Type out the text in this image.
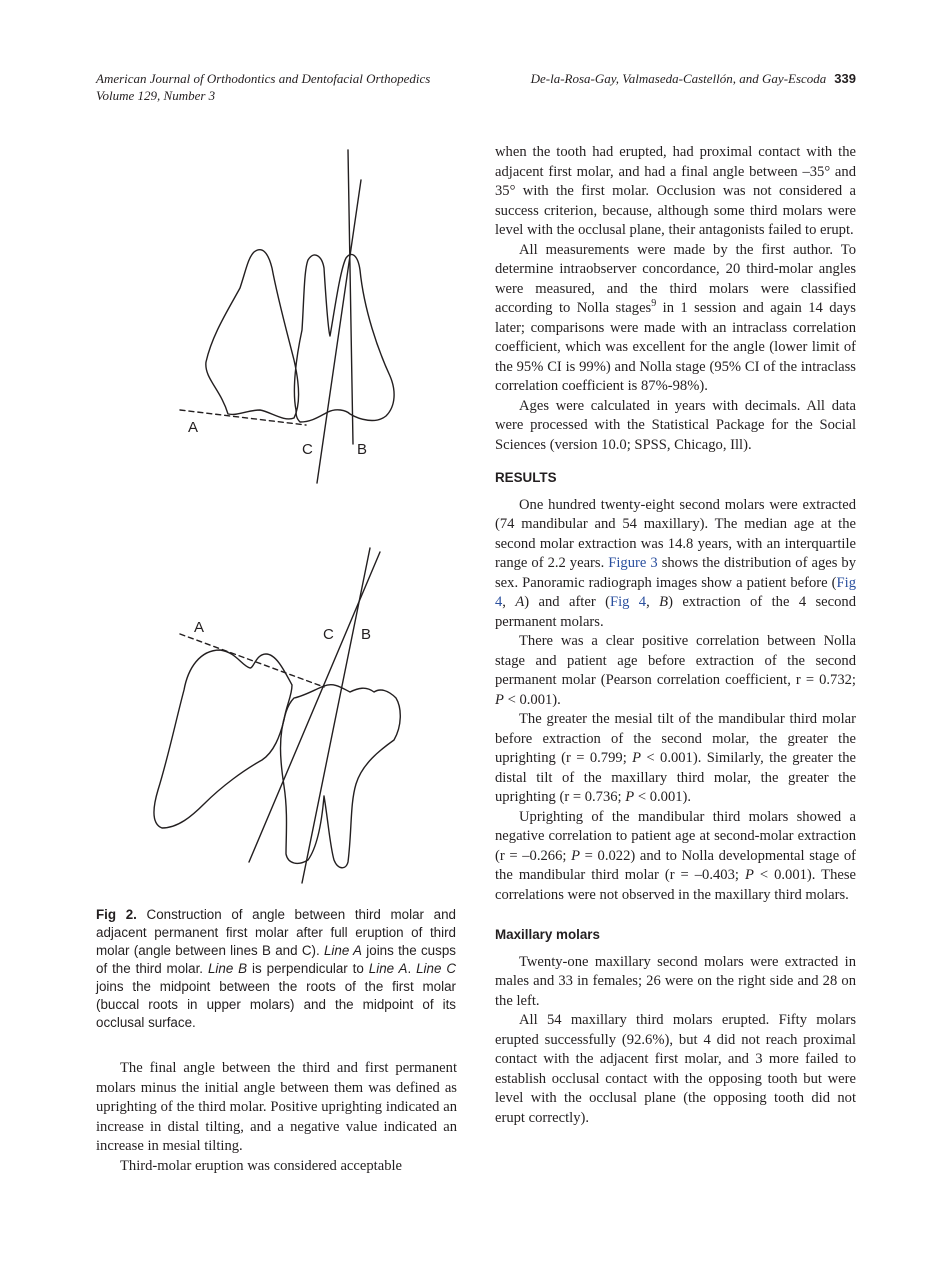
American Journal of Orthodontics and Dentofacial Orthopedics
Volume 129, Number 3
De-la-Rosa-Gay, Valmaseda-Castellón, and Gay-Escoda 339
A
C	B
A	C B
Fig 2. Construction of angle between third molar and adjacent permanent first molar after full eruption of third molar (angle between lines B and C). Line A joins the cusps of the third molar. Line B is perpendicular to Line A. Line C joins the midpoint between the roots of the first molar (buccal roots in upper molars) and the midpoint of its occlusal surface.

The final angle between the third and first permanent molars minus the initial angle between them was defined as uprighting of the third molar. Positive uprighting indicated an increase in distal tilting, and a negative value indicated an increase in mesial tilting.

Third-molar eruption was considered acceptable

when the tooth had erupted, had proximal contact with the adjacent first molar, and had a final angle between –35° and 35° with the first molar. Occlusion was not considered a success criterion, because, although some third molars were level with the occlusal plane, their antagonists failed to erupt.

All measurements were made by the first author. To determine intraobserver concordance, 20 third-molar angles were measured, and the third molars were classified according to Nolla stages$^9$ in 1 session and again 14 days later; comparisons were made with an intraclass correlation coefficient, which was excellent for the angle (lower limit of the 95% CI is 99%) and Nolla stage (95% CI of the intraclass correlation coefficient is 87%-98%).

Ages were calculated in years with decimals. All data were processed with the Statistical Package for the Social Sciences (version 10.0; SPSS, Chicago, Ill).

RESULTS

One hundred twenty-eight second molars were extracted (74 mandibular and 54 maxillary). The median age at the second molar extraction was 14.8 years, with an interquartile range of 2.2 years. Figure 3 shows the distribution of ages by sex. Panoramic radiograph images show a patient before (Fig 4, A) and after (Fig 4, B) extraction of the 4 second permanent molars.

There was a clear positive correlation between Nolla stage and patient age before extraction of the second permanent molar (Pearson correlation coefficient, r = 0.732; P < 0.001).

The greater the mesial tilt of the mandibular third molar before extraction of the second molar, the greater the uprighting (r = 0.799; P < 0.001). Similarly, the greater the distal tilt of the maxillary third molar, the greater the uprighting (r = 0.736; P < 0.001).

Uprighting of the mandibular third molars showed a negative correlation to patient age at second-molar extraction (r = –0.266; P = 0.022) and to Nolla developmental stage of the mandibular third molar (r = –0.403; P < 0.001). These correlations were not observed in the maxillary third molars.

Maxillary molars

Twenty-one maxillary second molars were extracted in males and 33 in females; 26 were on the right side and 28 on the left.

All 54 maxillary third molars erupted. Fifty molars erupted successfully (92.6%), but 4 did not reach proximal contact with the adjacent first molar, and 3 more failed to establish occlusal contact with the opposing tooth but were level with the occlusal plane (the opposing tooth did not erupt correctly).
